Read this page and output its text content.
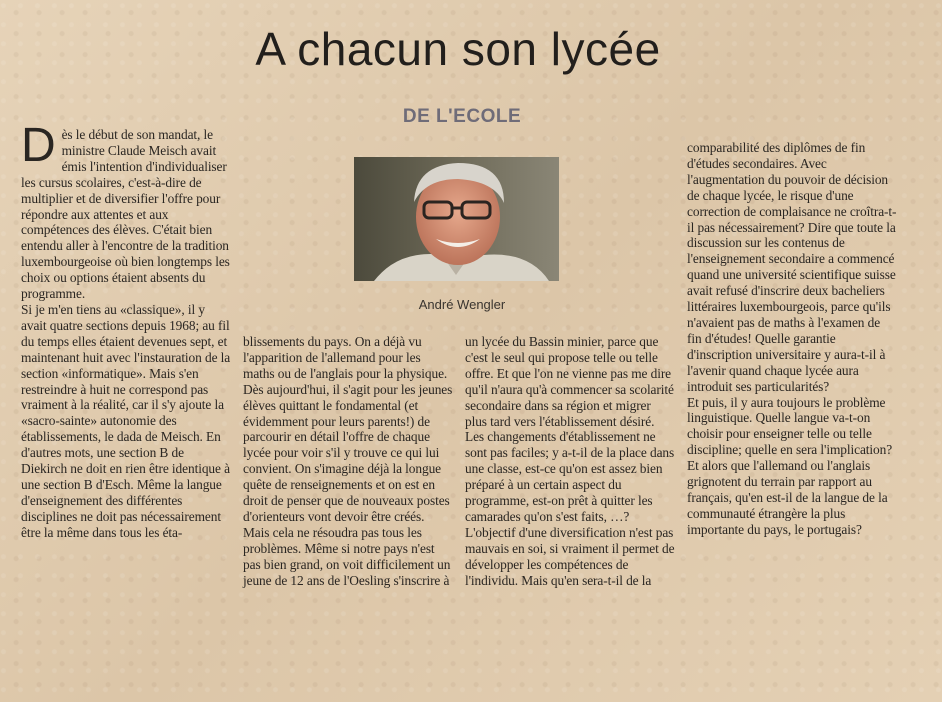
A chacun son lycée
DE L'ECOLE
André Wengler
D ès le début de son mandat, le ministre Claude Meisch avait émis l'intention d'individualiser les cursus scolaires, c'est-à-dire de multiplier et de diversifier l'offre pour répondre aux attentes et aux compétences des élèves. C'était bien entendu aller à l'encontre de la tradition luxembourgeoise où bien longtemps les choix ou options étaient absents du programme.

Si je m'en tiens au «classique», il y avait quatre sections depuis 1968; au fil du temps elles étaient devenues sept, et maintenant huit avec l'instauration de la section «informatique». Mais s'en restreindre à huit ne correspond pas vraiment à la réalité, car il s'y ajoute la «sacro-sainte» autonomie des établissements, le dada de Meisch. En d'autres mots, une section B de Diekirch ne doit en rien être identique à une section B d'Esch. Même la langue d'enseignement des différentes disciplines ne doit pas nécessairement être la même dans tous les éta-

blissements du pays. On a déjà vu l'apparition de l'allemand pour les maths ou de l'anglais pour la physique.

Dès aujourd'hui, il s'agit pour les jeunes élèves quittant le fondamental (et évidemment pour leurs parents!) de parcourir en détail l'offre de chaque lycée pour voir s'il y trouve ce qui lui convient. On s'imagine déjà la longue quête de renseignements et on est en droit de penser que de nouveaux postes d'orienteurs vont devoir être créés.

Mais cela ne résoudra pas tous les problèmes. Même si notre pays n'est pas bien grand, on voit difficilement un jeune de 12 ans de l'Oesling s'inscrire à

un lycée du Bassin minier, parce que c'est le seul qui propose telle ou telle offre. Et que l'on ne vienne pas me dire qu'il n'aura qu'à commencer sa scolarité secondaire dans sa région et migrer plus tard vers l'établissement désiré. Les changements d'établissement ne sont pas faciles; y a-t-il de la place dans une classe, est-ce qu'on est assez bien préparé à un certain aspect du programme, est-on prêt à quitter les camarades qu'on s'est faits, …?

L'objectif d'une diversification n'est pas mauvais en soi, si vraiment il permet de développer les compétences de l'individu. Mais qu'en sera-t-il de la

comparabilité des diplômes de fin d'études secondaires. Avec l'augmentation du pouvoir de décision de chaque lycée, le risque d'une correction de complaisance ne croîtra-t-il pas nécessairement? Dire que toute la discussion sur les contenus de l'enseignement secondaire a commencé quand une université scientifique suisse avait refusé d'inscrire deux bacheliers littéraires luxembourgeois, parce qu'ils n'avaient pas de maths à l'examen de fin d'études! Quelle garantie d'inscription universitaire y aura-t-il à l'avenir quand chaque lycée aura introduit ses particularités?

Et puis, il y aura toujours le problème linguistique. Quelle langue va-t-on choisir pour enseigner telle ou telle discipline; quelle en sera l'implication? Et alors que l'allemand ou l'anglais grignotent du terrain par rapport au français, qu'en est-il de la langue de la communauté étrangère la plus importante du pays, le portugais?
